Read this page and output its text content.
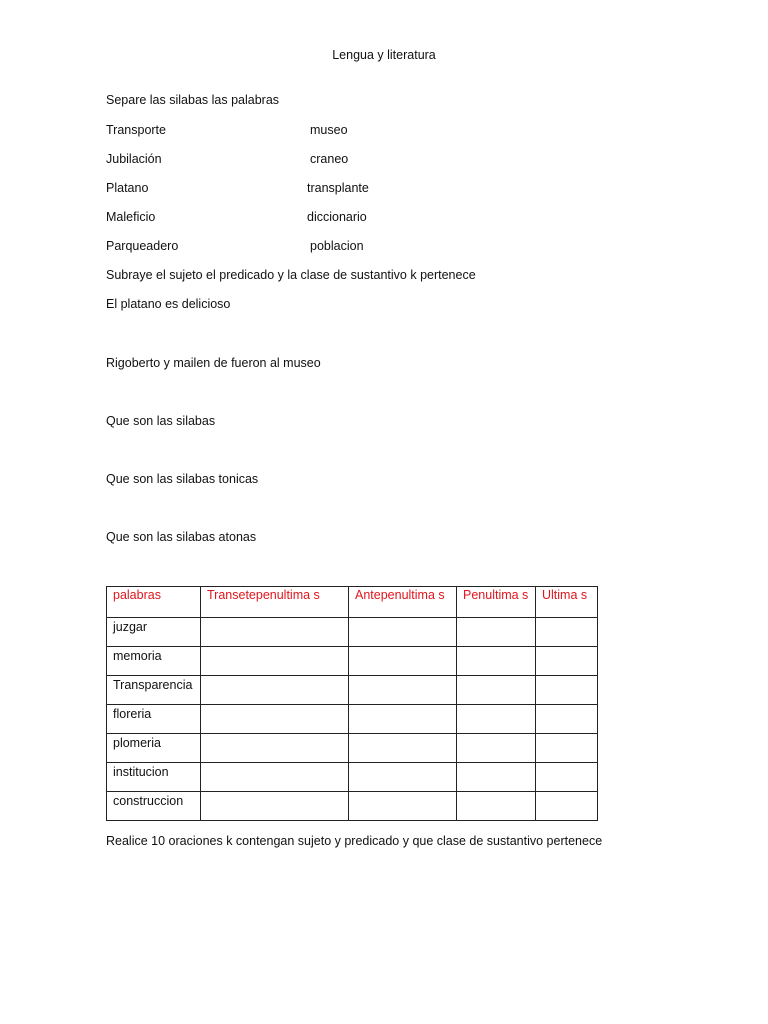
Lengua y literatura
Separe las silabas las palabras
Transporte	museo
Jubilación	craneo
Platano	transplante
Maleficio	diccionario
Parqueadero	poblacion
Subraye el sujeto el predicado y la clase de sustantivo k pertenece
El platano es delicioso
Rigoberto y mailen de fueron al museo
Que son las silabas
Que son las silabas tonicas
Que son las silabas atonas
palabras	Transetepenultima s	Antepenultima s	Penultima s	Ultima s
juzgar				
memoria				
Transparencia				
floreria				
plomeria				
institucion				
construccion				
Realice 10 oraciones k contengan sujeto y predicado y que clase de sustantivo pertenece
